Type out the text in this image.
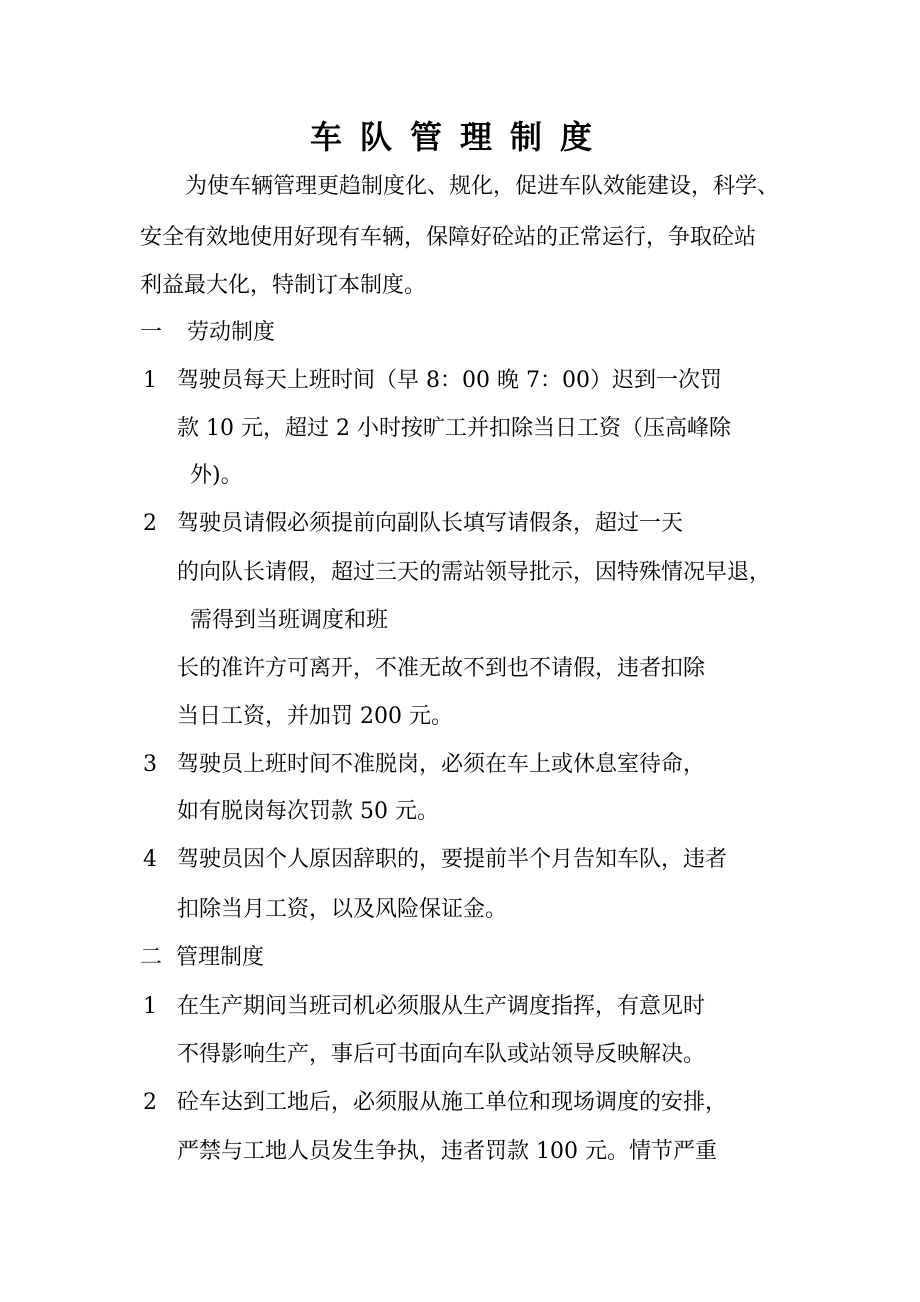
车队管理制度
为使车辆管理更趋制度化、规化，促进车队效能建设，科学、
安全有效地使用好现有车辆，保障好砼站的正常运行，争取砼站
利益最大化，特制订本制度。
一 劳动制度
1 驾驶员每天上班时间（早 8：00 晚 7：00）迟到一次罚
款 10 元，超过 2 小时按旷工并扣除当日工资（压高峰除
外)。
2 驾驶员请假必须提前向副队长填写请假条，超过一天
的向队长请假，超过三天的需站领导批示，因特殊情况早退，
需得到当班调度和班
长的准许方可离开，不准无故不到也不请假，违者扣除
当日工资，并加罚 200 元。
3 驾驶员上班时间不准脱岗，必须在车上或休息室待命，
如有脱岗每次罚款 50 元。
4 驾驶员因个人原因辞职的，要提前半个月告知车队，违者
扣除当月工资，以及风险保证金。
二 管理制度
1 在生产期间当班司机必须服从生产调度指挥，有意见时
不得影响生产，事后可书面向车队或站领导反映解决。
2 砼车达到工地后，必须服从施工单位和现场调度的安排，
严禁与工地人员发生争执，违者罚款 100 元。情节严重
